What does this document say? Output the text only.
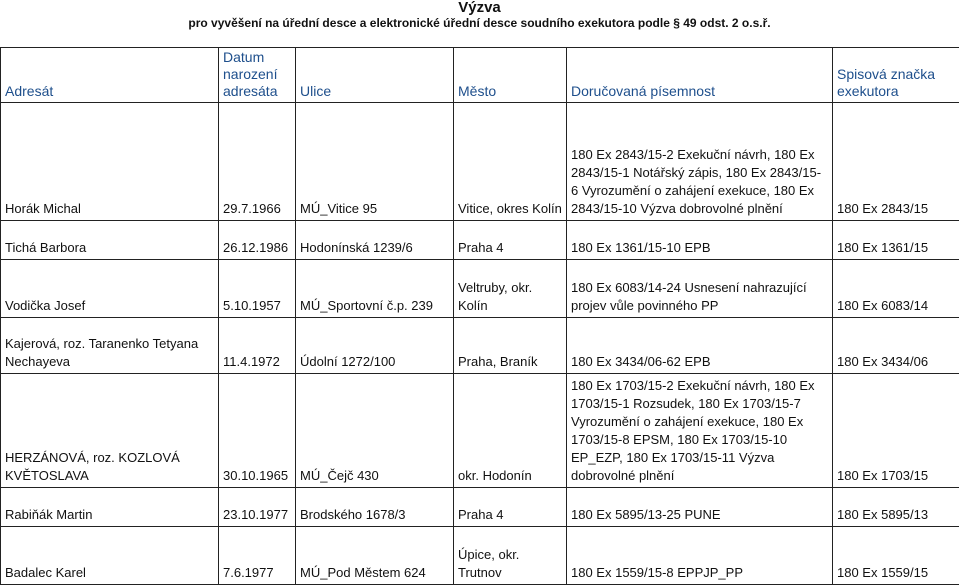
Výzva
pro vyvěšení na úřední desce a elektronické úřední desce soudního exekutora podle § 49 odst. 2 o.s.ř.
Adresát	Datum narození adresáta	Ulice	Město	Doručovaná písemnost	Spisová značka exekutora
Horák Michal	29.7.1966	MÚ_Vitice 95	Vitice, okres Kolín	180 Ex 2843/15-2 Exekuční návrh, 180 Ex 2843/15-1 Notářský zápis, 180 Ex 2843/15-6 Vyrozumění o zahájení exekuce, 180 Ex 2843/15-10 Výzva dobrovolné plnění	180 Ex 2843/15
Tichá Barbora	26.12.1986	Hodonínská 1239/6	Praha 4	180 Ex 1361/15-10 EPB	180 Ex 1361/15
Vodička Josef	5.10.1957	MÚ_Sportovní č.p. 239	Veltruby, okr. Kolín	180 Ex 6083/14-24 Usnesení nahrazující projev vůle povinného PP	180 Ex 6083/14
Kajerová, roz. Taranenko Tetyana Nechayeva	11.4.1972	Údolní 1272/100	Praha, Braník	180 Ex 3434/06-62 EPB	180 Ex 3434/06
HERZÁNOVÁ, roz. KOZLOVÁ KVĚTOSLAVA	30.10.1965	MÚ_Čejč 430	okr. Hodonín	180 Ex 1703/15-2 Exekuční návrh, 180 Ex 1703/15-1 Rozsudek, 180 Ex 1703/15-7 Vyrozumění o zahájení exekuce, 180 Ex 1703/15-8 EPSM, 180 Ex 1703/15-10 EP_EZP, 180 Ex 1703/15-11 Výzva dobrovolné plnění	180 Ex 1703/15
Rabiňák Martin	23.10.1977	Brodského 1678/3	Praha 4	180 Ex 5895/13-25 PUNE	180 Ex 5895/13
Badalec Karel	7.6.1977	MÚ_Pod Městem 624	Úpice, okr. Trutnov	180 Ex 1559/15-8 EPPJP_PP	180 Ex 1559/15
